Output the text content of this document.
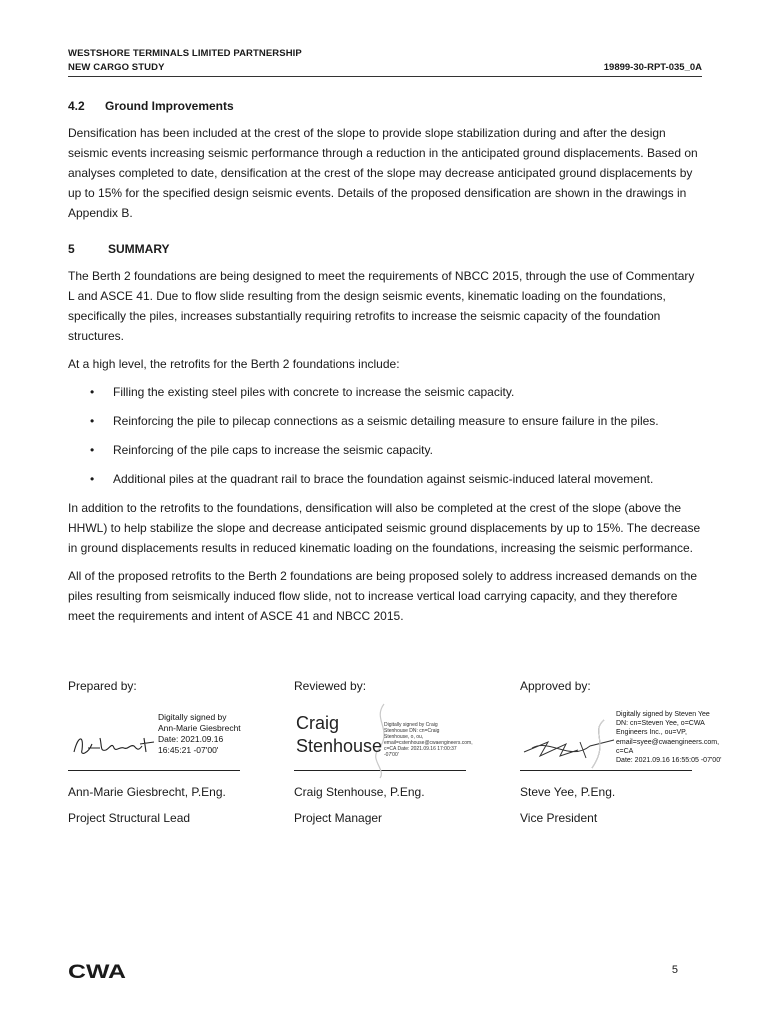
WESTSHORE TERMINALS LIMITED PARTNERSHIP
NEW CARGO STUDY	19899-30-RPT-035_0A
4.2	Ground Improvements

Densification has been included at the crest of the slope to provide slope stabilization during and after the design seismic events increasing seismic performance through a reduction in the anticipated ground displacements. Based on analyses completed to date, densification at the crest of the slope may decrease anticipated ground displacements by up to 15% for the specified design seismic events. Details of the proposed densification are shown in the drawings in Appendix B.

5	SUMMARY

The Berth 2 foundations are being designed to meet the requirements of NBCC 2015, through the use of Commentary L and ASCE 41. Due to flow slide resulting from the design seismic events, kinematic loading on the foundations, specifically the piles, increases substantially requiring retrofits to increase the seismic capacity of the foundation structures.

At a high level, the retrofits for the Berth 2 foundations include:

• Filling the existing steel piles with concrete to increase the seismic capacity.
• Reinforcing the pile to pilecap connections as a seismic detailing measure to ensure failure in the piles.
• Reinforcing of the pile caps to increase the seismic capacity.
• Additional piles at the quadrant rail to brace the foundation against seismic-induced lateral movement.

In addition to the retrofits to the foundations, densification will also be completed at the crest of the slope (above the HHWL) to help stabilize the slope and decrease anticipated seismic ground displacements by up to 15%. The decrease in ground displacements results in reduced kinematic loading on the foundations, increasing the seismic performance.

All of the proposed retrofits to the Berth 2 foundations are being proposed solely to address increased demands on the piles resulting from seismically induced flow slide, not to increase vertical load carrying capacity, and they therefore meet the requirements and intent of ASCE 41 and NBCC 2015.

Prepared by:
Digitally signed by
Ann-Marie Giesbrecht
Date: 2021.09.16
16:45:21 -07'00'
Ann-Marie Giesbrecht, P.Eng.
Project Structural Lead
Reviewed by:
Craig
Stenhouse
Digitally signed by Craig Stenhouse DN: cn=Craig Stenhouse, o, ou, email=cstenhouse@cwaengineers.com, c=CA Date: 2021.09.16 17:00:37 -07'00'
Craig Stenhouse, P.Eng.
Project Manager
Approved by:
Digitally signed by Steven Yee
DN: cn=Steven Yee, o=CWA
Engineers Inc., ou=VP,
email=syee@cwaengineers.com,
c=CA
Date: 2021.09.16 16:55:05 -07'00'
Steve Yee, P.Eng.
Vice President
CWA	5
